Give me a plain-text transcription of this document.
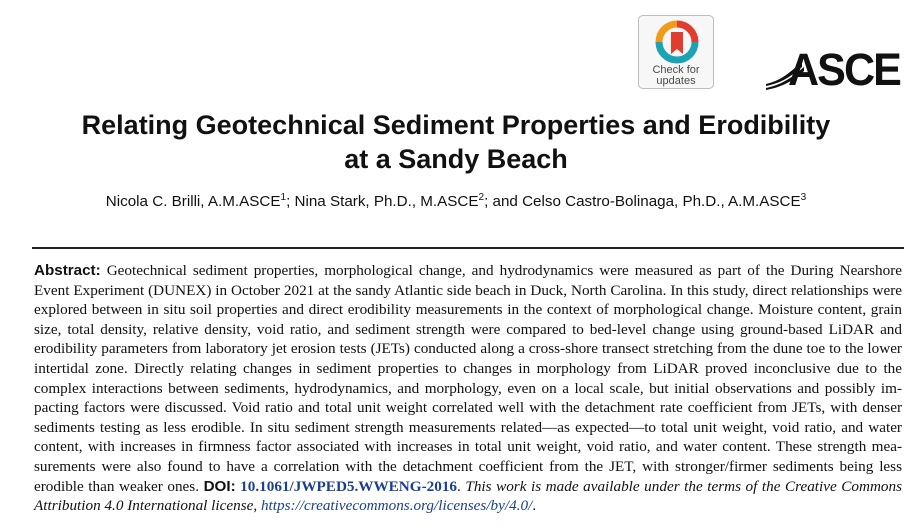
Check for
updates	ASCE
Relating Geotechnical Sediment Properties and Erodibility
at a Sandy Beach
Nicola C. Brilli, A.M.ASCE$^1$; Nina Stark, Ph.D., M.ASCE$^2$; and Celso Castro-Bolinaga, Ph.D., A.M.ASCE$^3$

Abstract: Geotechnical sediment properties, morphological change, and hydrodynamics were measured as part of the During Nearshore Event Experiment (DUNEX) in October 2021 at the sandy Atlantic side beach in Duck, North Carolina. In this study, direct relationships were explored between in situ soil properties and direct erodibility measurements in the context of morphological change. Moisture content, grain size, total density, relative density, void ratio, and sediment strength were compared to bed-level change using ground-based LiDAR and erodibility parameters from laboratory jet erosion tests (JETs) conducted along a cross-shore transect stretching from the dune toe to the lower intertidal zone. Directly relating changes in sediment properties to changes in morphology from LiDAR proved inconclusive due to the complex interactions between sediments, hydrodynamics, and morphology, even on a local scale, but initial observations and possibly impacting factors were discussed. Void ratio and total unit weight correlated well with the detachment rate coefficient from JETs, with denser sediments testing as less erodible. In situ sediment strength measurements related—as expected—to total unit weight, void ratio, and water content, with increases in firmness factor associated with increases in total unit weight, void ratio, and water content. These strength measurements were also found to have a correlation with the detachment coefficient from the JET, with stronger/firmer sediments being less erodible than weaker ones. DOI: 10.1061/JWPED5.WWENG-2016. This work is made available under the terms of the Creative Commons Attribution 4.0 International license, https://creativecommons.org/licenses/by/4.0/.
